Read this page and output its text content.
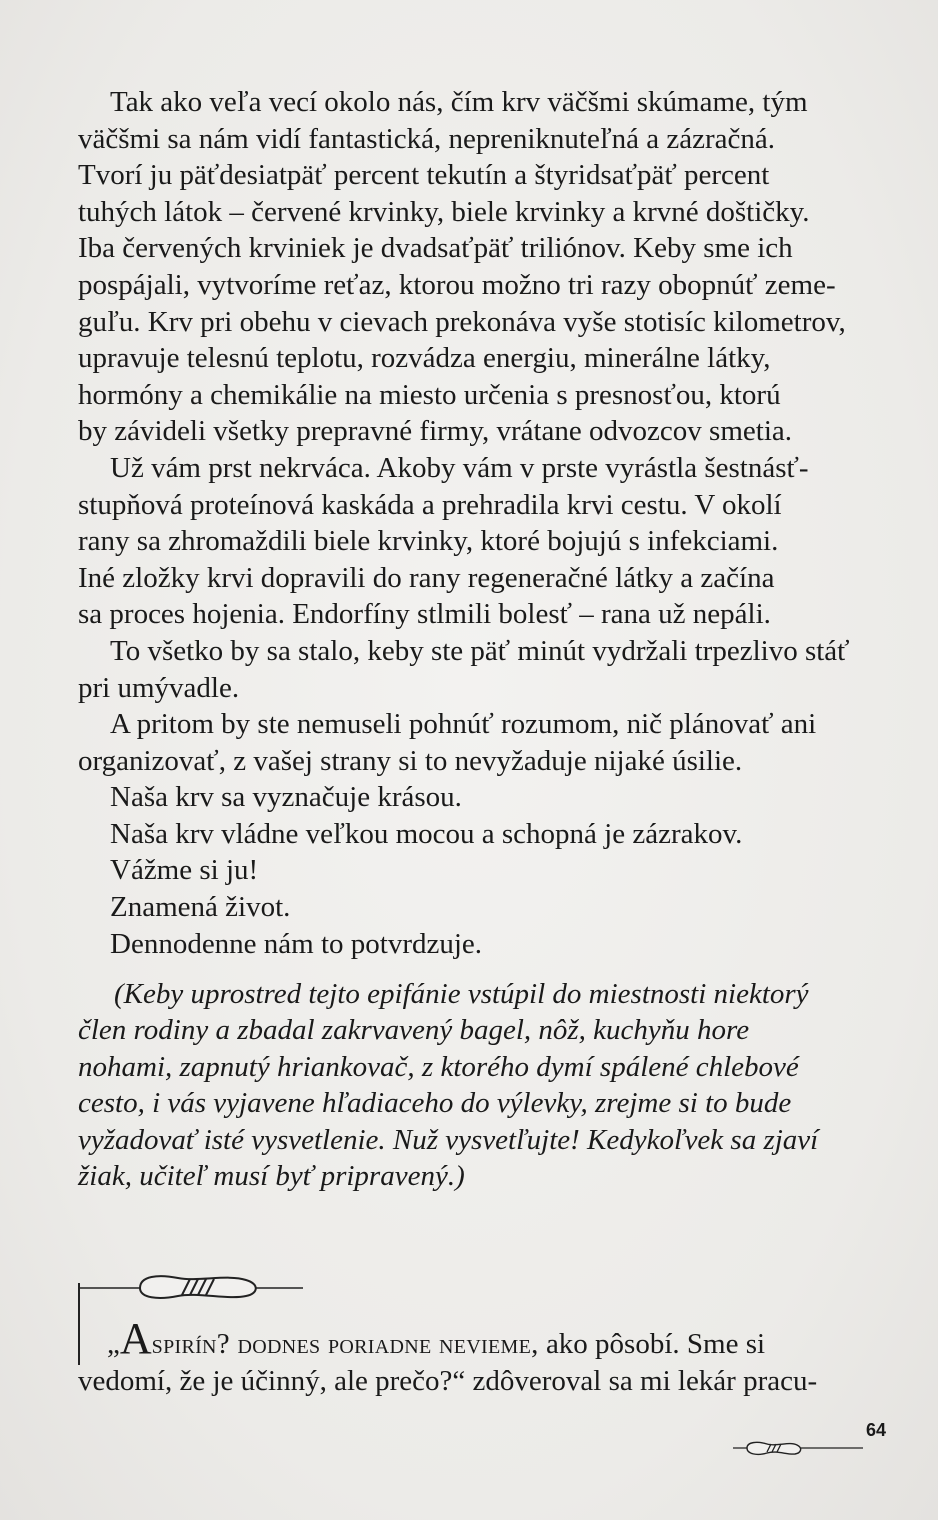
Tak ako veľa vecí okolo nás, čím krv väčšmi skúmame, tým
väčšmi sa nám vidí fantastická, nepreniknuteľná a zázračná.
Tvorí ju päťdesiatpäť percent tekutín a štyridsaťpäť percent
tuhých látok – červené krvinky, biele krvinky a krvné doštičky.
Iba červených krviniek je dvadsaťpäť triliónov. Keby sme ich
pospájali, vytvoríme reťaz, ktorou možno tri razy obopnúť zeme-
guľu. Krv pri obehu v cievach prekonáva vyše stotisíc kilometrov,
upravuje telesnú teplotu, rozvádza energiu, minerálne látky,
hormóny a chemikálie na miesto určenia s presnosťou, ktorú
by závideli všetky prepravné firmy, vrátane odvozcov smetia.

Už vám prst nekrváca. Akoby vám v prste vyrástla šestnásť-
stupňová proteínová kaskáda a prehradila krvi cestu. V okolí
rany sa zhromaždili biele krvinky, ktoré bojujú s infekciami.
Iné zložky krvi dopravili do rany regeneračné látky a začína
sa proces hojenia. Endorfíny stlmili bolesť – rana už nepáli.

To všetko by sa stalo, keby ste päť minút vydržali trpezlivo stáť
pri umývadle.

A pritom by ste nemuseli pohnúť rozumom, nič plánovať ani
organizovať, z vašej strany si to nevyžaduje nijaké úsilie.

Naša krv sa vyznačuje krásou.

Naša krv vládne veľkou mocou a schopná je zázrakov.

Vážme si ju!

Znamená život.

Dennodenne nám to potvrdzuje.

(Keby uprostred tejto epifánie vstúpil do miestnosti niektorý
člen rodiny a zbadal zakrvavený bagel, nôž, kuchyňu hore
nohami, zapnutý hriankovač, z ktorého dymí spálené chlebové
cesto, i vás vyjavene hľadiaceho do výlevky, zrejme si to bude
vyžadovať isté vysvetlenie. Nuž vysvetľujte! Kedykoľvek sa zjaví
žiak, učiteľ musí byť pripravený.)

„Aspirín? dodnes poriadne nevieme, ako pôsobí. Sme si

vedomí, že je účinný, ale prečo?“ zdôveroval sa mi lekár pracu-

64
